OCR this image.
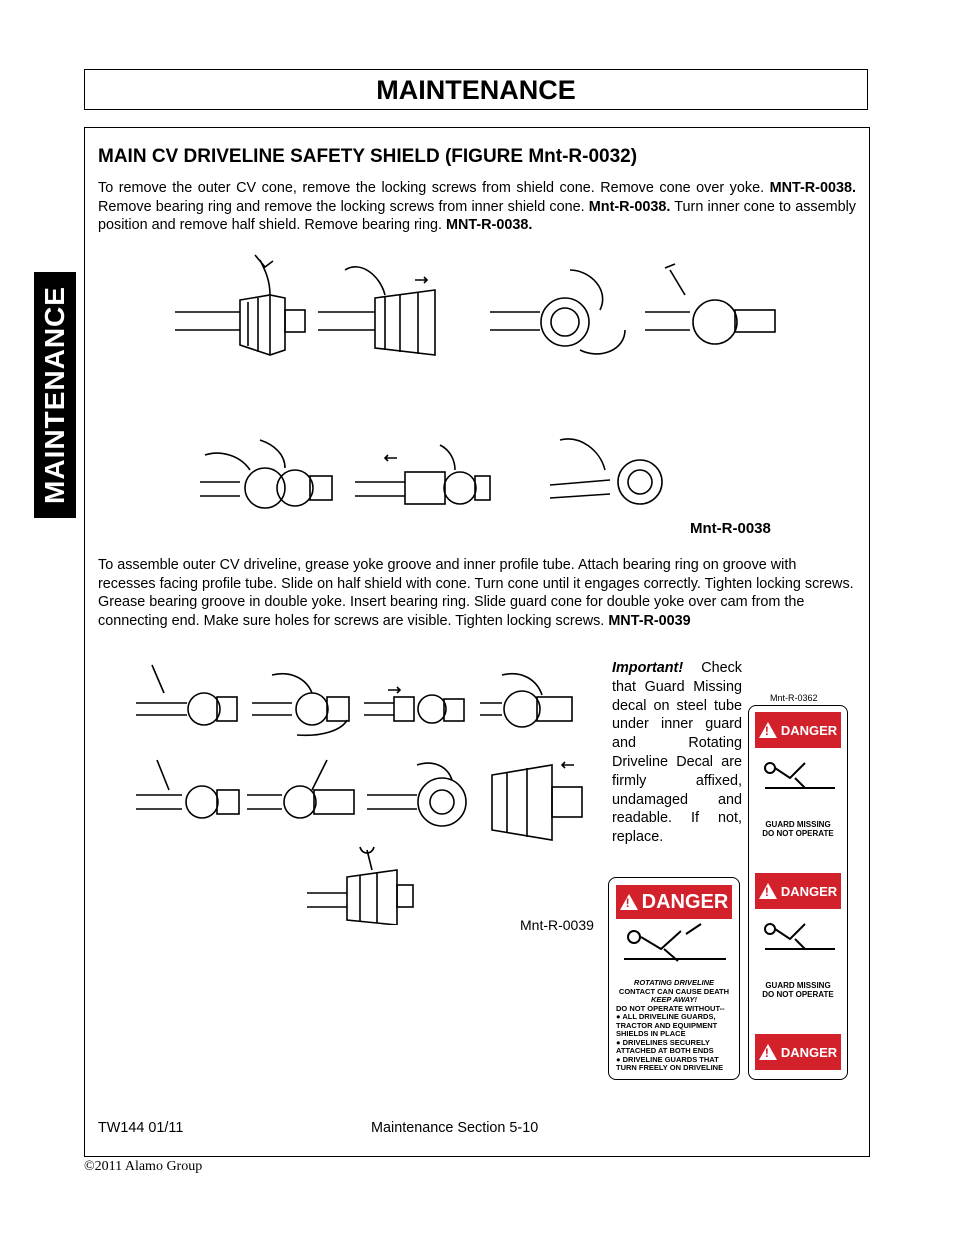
MAINTENANCE
MAINTENANCE
MAIN CV DRIVELINE SAFETY SHIELD (FIGURE Mnt-R-0032)
To remove the outer CV cone, remove the locking screws from shield cone. Remove cone over yoke. MNT-R-0038. Remove bearing ring and remove the locking screws from inner shield cone. Mnt-R-0038. Turn inner cone to assembly position and remove half shield. Remove bearing ring. MNT-R-0038.
Mnt-R-0038
To assemble outer CV driveline, grease yoke groove and inner profile tube. Attach bearing ring on groove with recesses facing profile tube. Slide on half shield with cone. Turn cone until it engages correctly. Tighten locking screws. Grease bearing groove in double yoke. Insert bearing ring. Slide guard cone for double yoke over cam from the connecting end. Make sure holes for screws are visible. Tighten locking screws. MNT-R-0039
Mnt-R-0039
Important! Check that Guard Missing decal on steel tube under inner guard and Rotating Driveline Decal are firmly affixed, undamaged and readable. If not, replace.
Mnt-R-0362
!
DANGER
GUARD MISSING
DO NOT OPERATE
!
DANGER
GUARD MISSING
DO NOT OPERATE
!
DANGER
!
DANGER
ROTATING DRIVELINE
CONTACT CAN CAUSE DEATH
KEEP AWAY!
DO NOT OPERATE WITHOUT--
● ALL DRIVELINE GUARDS, TRACTOR AND EQUIPMENT SHIELDS IN PLACE
● DRIVELINES SECURELY ATTACHED AT BOTH ENDS
● DRIVELINE GUARDS THAT TURN FREELY ON DRIVELINE
TW144 01/11	Maintenance Section 5-10
©2011 Alamo Group
